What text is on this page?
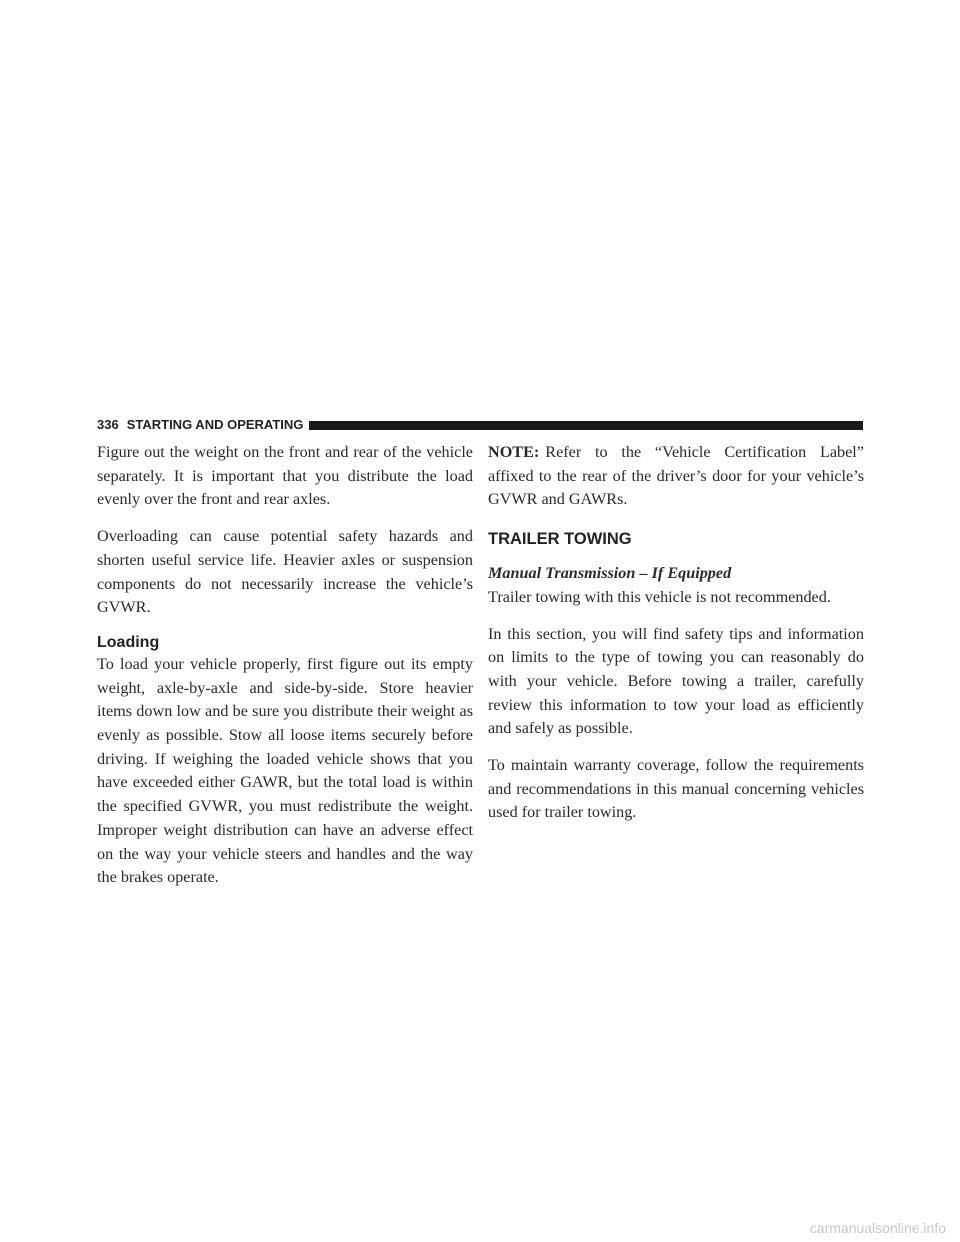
336 STARTING AND OPERATING

Figure out the weight on the front and rear of the vehicle separately. It is important that you distribute the load evenly over the front and rear axles.

Overloading can cause potential safety hazards and shorten useful service life. Heavier axles or suspension components do not necessarily increase the vehicle’s GVWR.

Loading

To load your vehicle properly, first figure out its empty weight, axle-by-axle and side-by-side. Store heavier items down low and be sure you distribute their weight as evenly as possible. Stow all loose items securely before driving. If weighing the loaded vehicle shows that you have exceeded either GAWR, but the total load is within the specified GVWR, you must redistribute the weight. Improper weight distribution can have an adverse effect on the way your vehicle steers and handles and the way the brakes operate.

NOTE: Refer to the “Vehicle Certification Label” affixed to the rear of the driver’s door for your vehicle’s GVWR and GAWRs.

TRAILER TOWING
Manual Transmission – If Equipped

Trailer towing with this vehicle is not recommended.

In this section, you will find safety tips and information on limits to the type of towing you can reasonably do with your vehicle. Before towing a trailer, carefully review this information to tow your load as efficiently and safely as possible.

To maintain warranty coverage, follow the requirements and recommendations in this manual concerning vehicles used for trailer towing.

carmanualsonline.info
